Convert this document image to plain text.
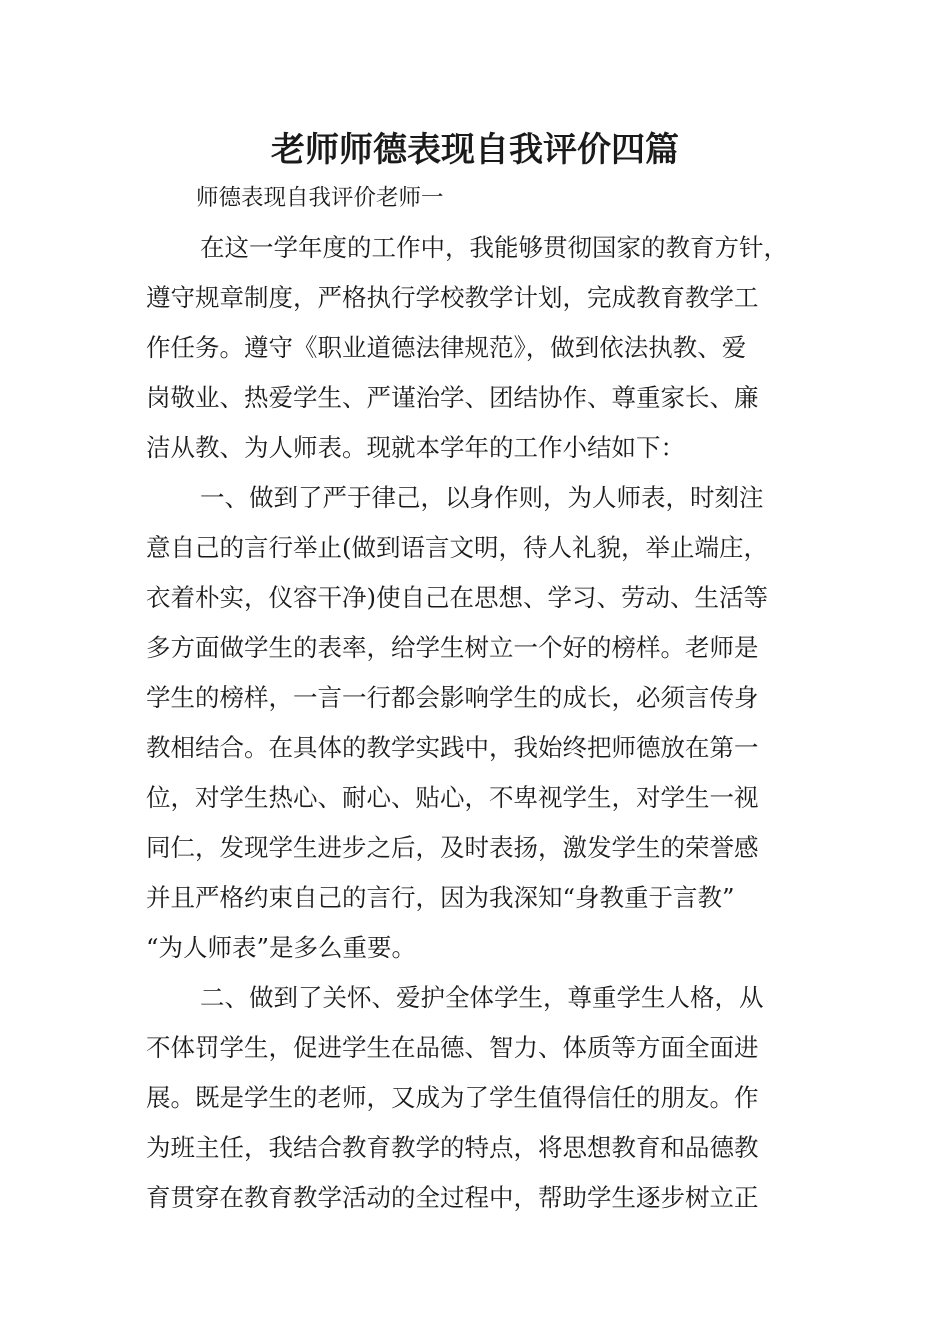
老师师德表现自我评价四篇
师德表现自我评价老师一
在这一学年度的工作中，我能够贯彻国家的教育方针，
遵守规章制度，严格执行学校教学计划，完成教育教学工
作任务。遵守《职业道德法律规范》，做到依法执教、爱
岗敬业、热爱学生、严谨治学、团结协作、尊重家长、廉
洁从教、为人师表。现就本学年的工作小结如下：
一、做到了严于律己，以身作则，为人师表，时刻注
意自己的言行举止(做到语言文明，待人礼貌，举止端庄，
衣着朴实，仪容干净)使自己在思想、学习、劳动、生活等
多方面做学生的表率，给学生树立一个好的榜样。老师是
学生的榜样，一言一行都会影响学生的成长，必须言传身
教相结合。在具体的教学实践中，我始终把师德放在第一
位，对学生热心、耐心、贴心，不卑视学生，对学生一视
同仁，发现学生进步之后，及时表扬，激发学生的荣誉感
并且严格约束自己的言行，因为我深知“身教重于言教”
“为人师表”是多么重要。
二、做到了关怀、爱护全体学生，尊重学生人格，从
不体罚学生，促进学生在品德、智力、体质等方面全面进
展。既是学生的老师，又成为了学生值得信任的朋友。作
为班主任，我结合教育教学的特点，将思想教育和品德教
育贯穿在教育教学活动的全过程中，帮助学生逐步树立正
